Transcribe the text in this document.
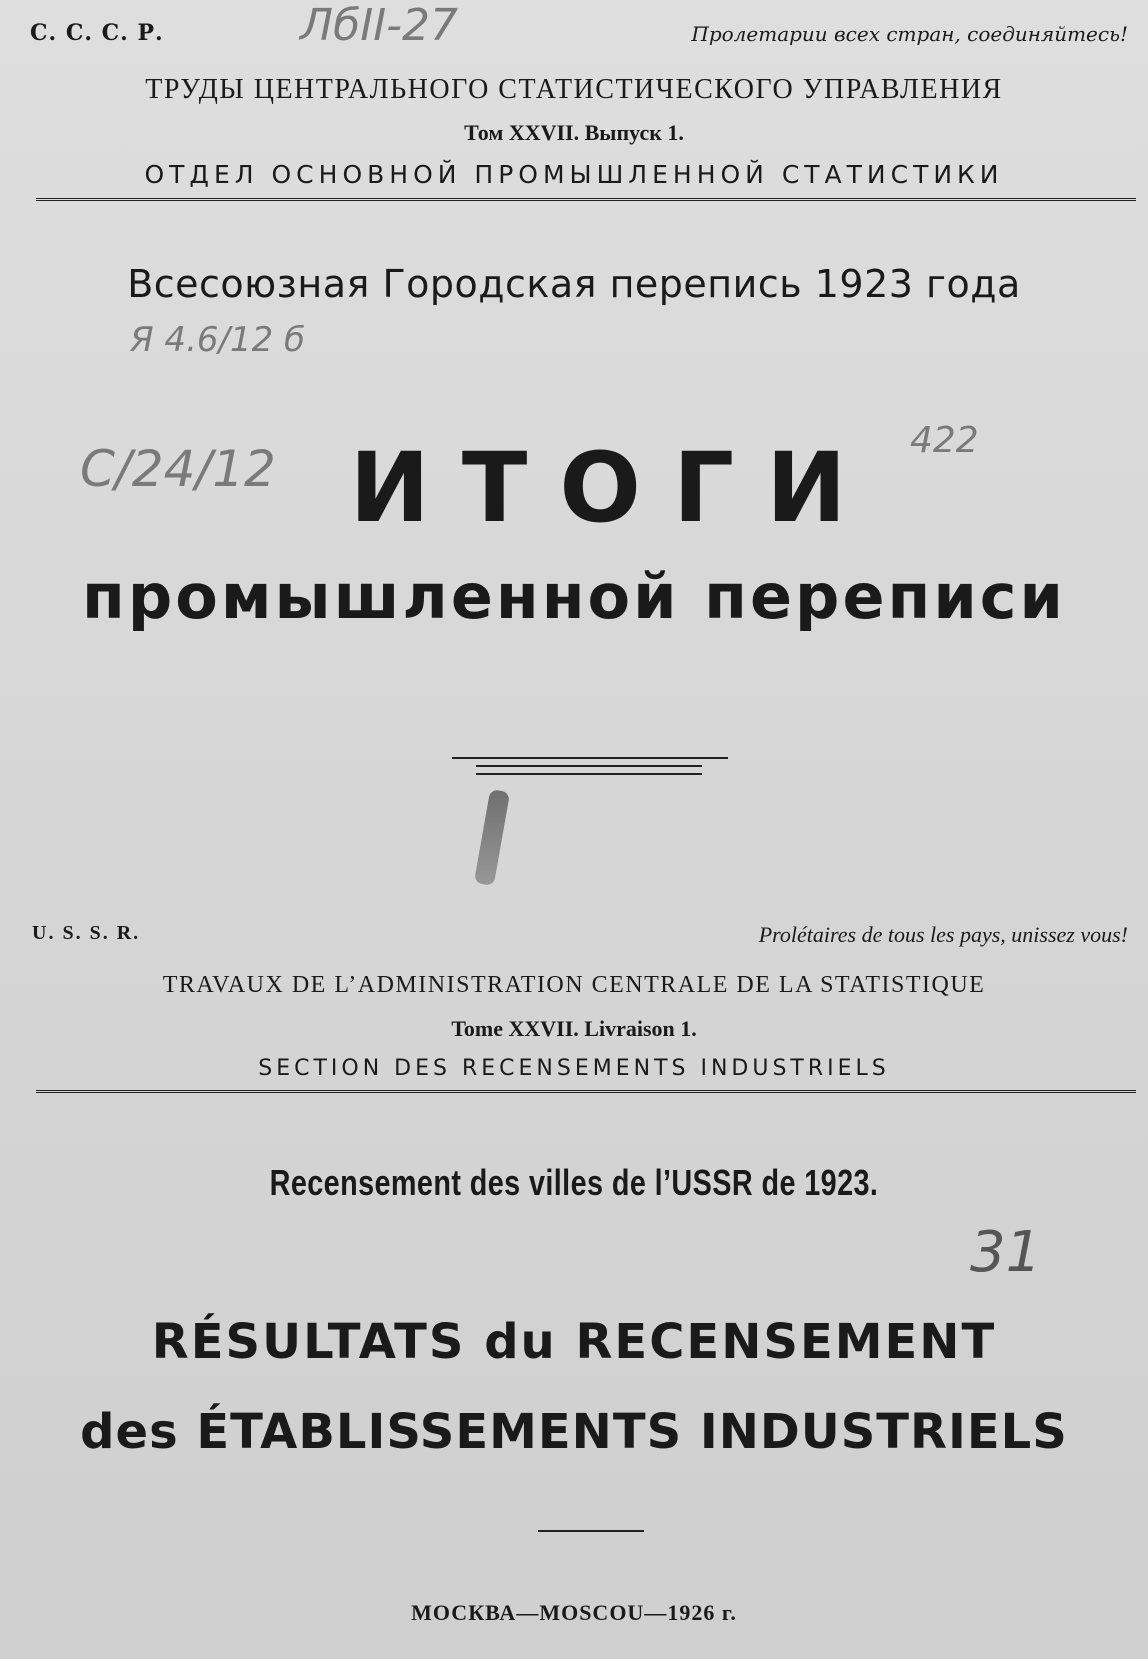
ЛбII-27
Я 4.6/12 б
С/24/12	422
31
С. С. С. Р.	Пролетарии всех стран, соединяйтесь!
ТРУДЫ ЦЕНТРАЛЬНОГО СТАТИСТИЧЕСКОГО УПРАВЛЕНИЯ
Том XXVII. Выпуск 1.
ОТДЕЛ ОСНОВНОЙ ПРОМЫШЛЕННОЙ СТАТИСТИКИ
Всесоюзная Городская перепись 1923 года
ИТОГИ
промышленной переписи
U. S. S. R.	Prolétaires de tous les pays, unissez vous!
TRAVAUX DE L’ADMINISTRATION CENTRALE DE LA STATISTIQUE
Tome XXVII. Livraison 1.
SECTION DES RECENSEMENTS INDUSTRIELS
Recensement des villes de l’USSR de 1923.
RÉSULTATS du RECENSEMENT
des ÉTABLISSEMENTS INDUSTRIELS
МОСКВА—MOSCOU—1926 г.
